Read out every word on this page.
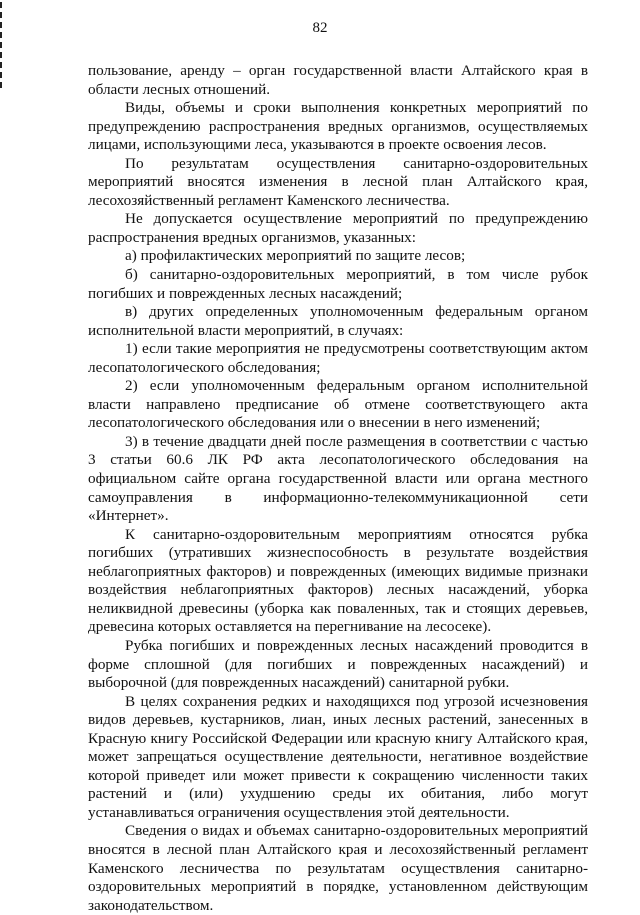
82

пользование, аренду – орган государственной власти Алтайского края в области лесных отношений.

Виды, объемы и сроки выполнения конкретных мероприятий по предупреждению распространения вредных организмов, осуществляемых лицами, использующими леса, указываются в проекте освоения лесов.

По результатам осуществления санитарно-оздоровительных мероприятий вносятся изменения в лесной план Алтайского края, лесохозяйственный регламент Каменского лесничества.

Не допускается осуществление мероприятий по предупреждению распространения вредных организмов, указанных:

а) профилактических мероприятий по защите лесов;

б) санитарно-оздоровительных мероприятий, в том числе рубок погибших и поврежденных лесных насаждений;

в) других определенных уполномоченным федеральным органом исполнительной власти мероприятий, в случаях:

1) если такие мероприятия не предусмотрены соответствующим актом лесопатологического обследования;

2) если уполномоченным федеральным органом исполнительной власти направлено предписание об отмене соответствующего акта лесопатологического обследования или о внесении в него изменений;

3) в течение двадцати дней после размещения в соответствии с частью 3 статьи 60.6 ЛК РФ акта лесопатологического обследования на официальном сайте органа государственной власти или органа местного самоуправления в информационно-телекоммуникационной сети «Интернет».

К санитарно-оздоровительным мероприятиям относятся рубка погибших (утративших жизнеспособность в результате воздействия неблагоприятных факторов) и поврежденных (имеющих видимые признаки воздействия неблагоприятных факторов) лесных насаждений, уборка неликвидной древесины (уборка как поваленных, так и стоящих деревьев, древесина которых оставляется на перегнивание на лесосеке).

Рубка погибших и поврежденных лесных насаждений проводится в форме сплошной (для погибших и поврежденных насаждений) и выборочной (для поврежденных насаждений) санитарной рубки.

В целях сохранения редких и находящихся под угрозой исчезновения видов деревьев, кустарников, лиан, иных лесных растений, занесенных в Красную книгу Российской Федерации или красную книгу Алтайского края, может запрещаться осуществление деятельности, негативное воздействие которой приведет или может привести к сокращению численности таких растений и (или) ухудшению среды их обитания, либо могут устанавливаться ограничения осуществления этой деятельности.

Сведения о видах и объемах санитарно-оздоровительных мероприятий вносятся в лесной план Алтайского края и лесохозяйственный регламент Каменского лесничества по результатам осуществления санитарно-оздоровительных мероприятий в порядке, установленном действующим законодательством.
